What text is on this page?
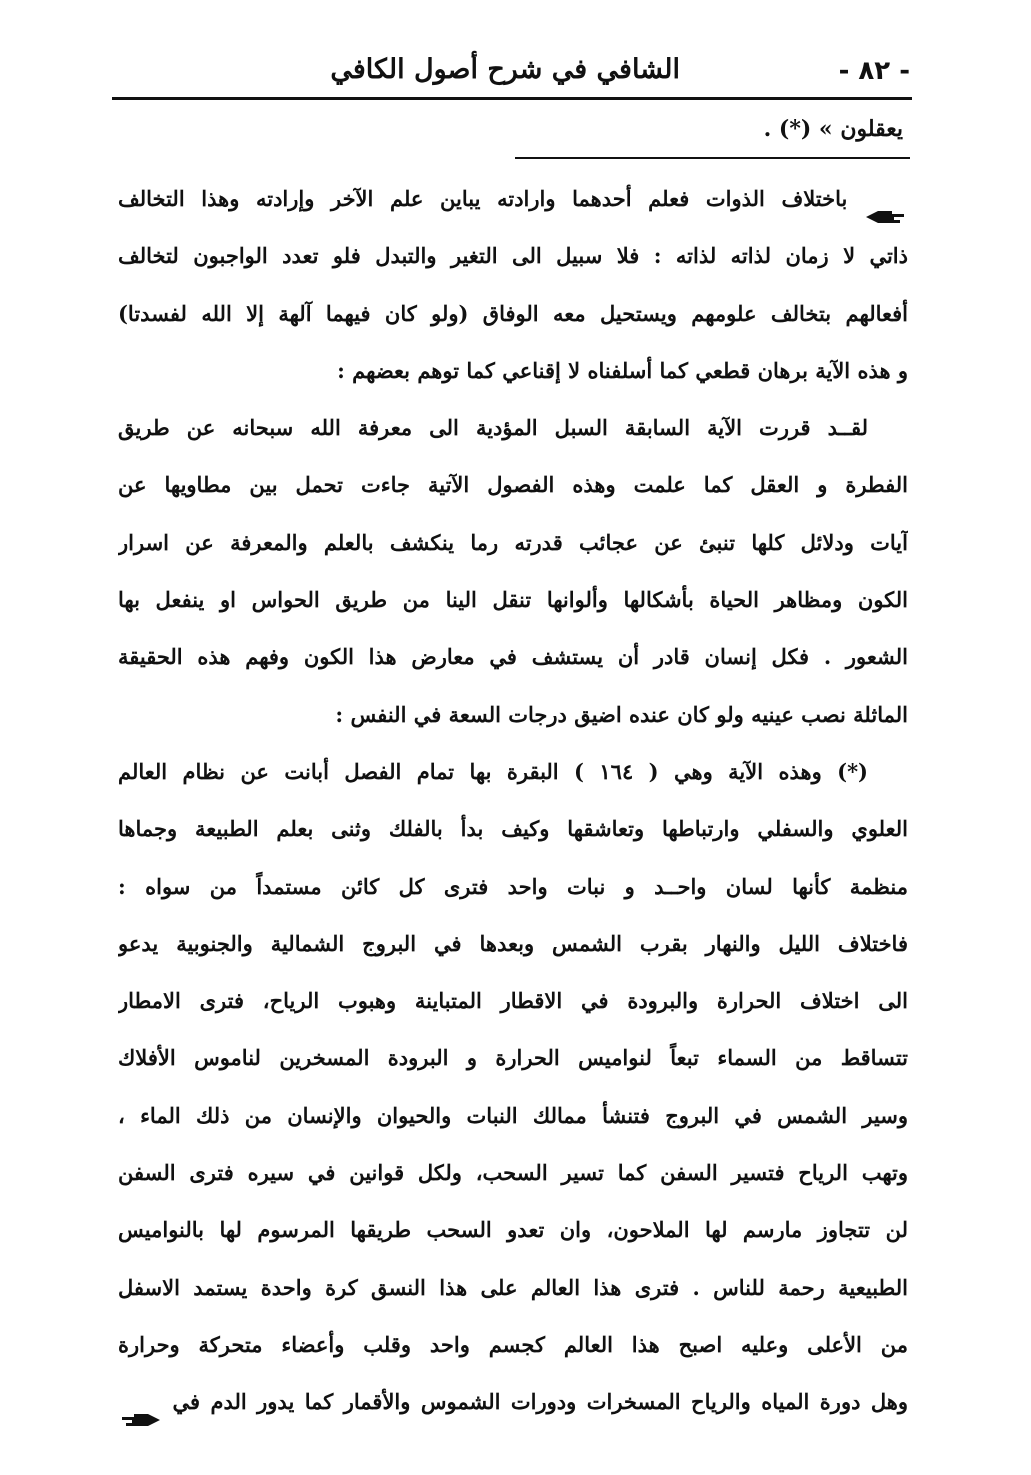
- ٨٢ -
الشافي في شرح أصول الكافي
يعقلون » (*) .
باختلاف الذوات فعلم أحدهما وارادته يباين علم الآخر وإرادته وهذا التخالف
ذاتي لا زمان لذاته لذاته : فلا سبيل الى التغير والتبدل فلو تعدد الواجبون لتخالف
أفعالهم بتخالف علومهم ويستحيل معه الوفاق (ولو كان فيهما آلهة إلا الله لفسدتا)
و هذه الآية برهان قطعي كما أسلفناه لا إقناعي كما توهم بعضهم :
لقــد قررت الآية السابقة السبل المؤدية الى معرفة الله سبحانه عن طريق
الفطرة و العقل كما علمت وهذه الفصول الآتية جاءت تحمل بين مطاويها عن
آيات ودلائل كلها تنبئ عن عجائب قدرته رما ينكشف بالعلم والمعرفة عن اسرار
الكون ومظاهر الحياة بأشكالها وألوانها تنقل الينا من طريق الحواس او ينفعل بها
الشعور . فكل إنسان قادر أن يستشف في معارض هذا الكون وفهم هذه الحقيقة
الماثلة نصب عينيه ولو كان عنده اضيق درجات السعة في النفس :
(*) وهذه الآية وهي ( ١٦٤ ) البقرة بها تمام الفصل أبانت عن نظام العالم
العلوي والسفلي وارتباطها وتعاشقها وكيف بدأ بالفلك وثنى بعلم الطبيعة وجماها
منظمة كأنها لسان واحــد و نبات واحد فترى كل كائن مستمداً من سواه :
فاختلاف الليل والنهار بقرب الشمس وبعدها في البروج الشمالية والجنوبية يدعو
الى اختلاف الحرارة والبرودة في الاقطار المتباينة وهبوب الرياح، فترى الامطار
تتساقط من السماء تبعاً لنواميس الحرارة و البرودة المسخرين لناموس الأفلاك
وسير الشمس في البروج فتنشأ ممالك النبات والحيوان والإنسان من ذلك الماء ،
وتهب الرياح فتسير السفن كما تسير السحب، ولكل قوانين في سيره فترى السفن
لن تتجاوز مارسم لها الملاحون، وان تعدو السحب طريقها المرسوم لها بالنواميس
الطبيعية رحمة للناس . فترى هذا العالم على هذا النسق كرة واحدة يستمد الاسفل
من الأعلى وعليه اصبح هذا العالم كجسم واحد وقلب وأعضاء متحركة وحرارة
وهل دورة المياه والرياح المسخرات ودورات الشموس والأقمار كما يدور الدم في
